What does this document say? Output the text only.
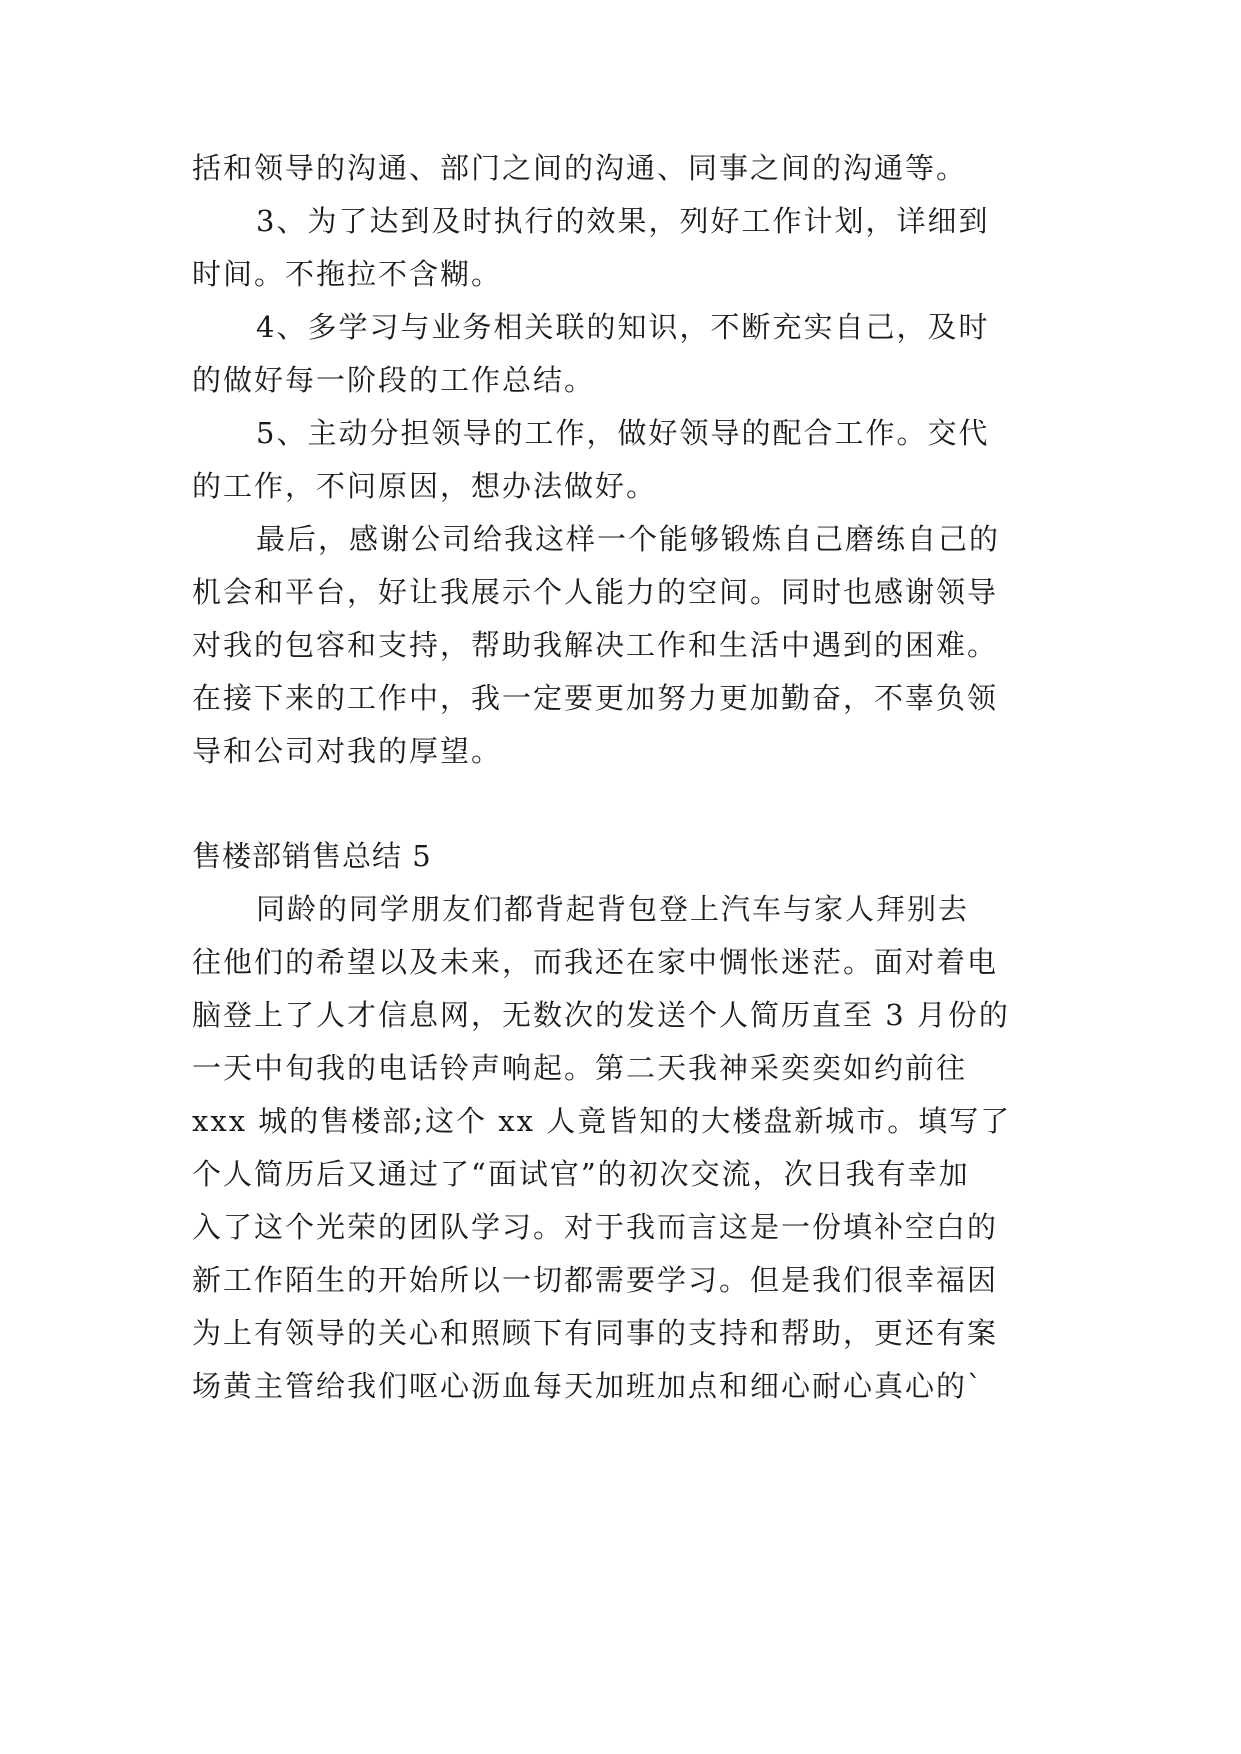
括和领导的沟通、部门之间的沟通、同事之间的沟通等。
3、为了达到及时执行的效果，列好工作计划，详细到
时间。不拖拉不含糊。
4、多学习与业务相关联的知识，不断充实自己，及时
的做好每一阶段的工作总结。
5、主动分担领导的工作，做好领导的配合工作。交代
的工作，不问原因，想办法做好。
最后，感谢公司给我这样一个能够锻炼自己磨练自己的
机会和平台，好让我展示个人能力的空间。同时也感谢领导
对我的包容和支持，帮助我解决工作和生活中遇到的困难。
在接下来的工作中，我一定要更加努力更加勤奋，不辜负领
导和公司对我的厚望。
售楼部销售总结 5
同龄的同学朋友们都背起背包登上汽车与家人拜别去
往他们的希望以及未来，而我还在家中惆怅迷茫。面对着电
脑登上了人才信息网，无数次的发送个人简历直至 3 月份的
一天中旬我的电话铃声响起。第二天我神采奕奕如约前往
xxx 城的售楼部;这个 xx 人竟皆知的大楼盘新城市。填写了
个人简历后又通过了“面试官”的初次交流，次日我有幸加
入了这个光荣的团队学习。对于我而言这是一份填补空白的
新工作陌生的开始所以一切都需要学习。但是我们很幸福因
为上有领导的关心和照顾下有同事的支持和帮助，更还有案
场黄主管给我们呕心沥血每天加班加点和细心耐心真心的`
